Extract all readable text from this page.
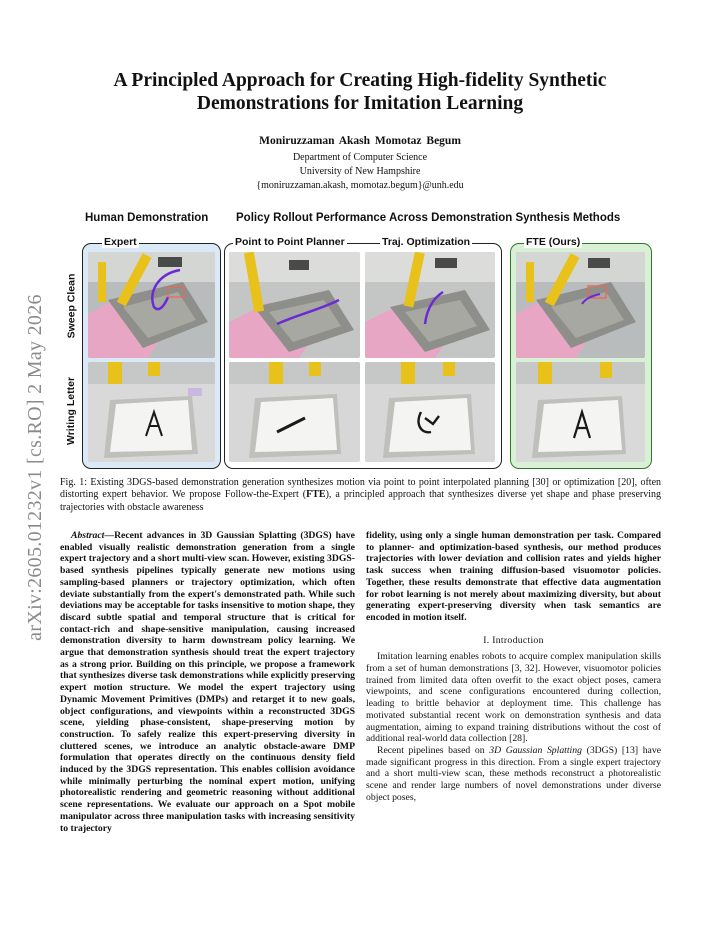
arXiv:2605.01232v1 [cs.RO] 2 May 2026
A Principled Approach for Creating High-fidelity Synthetic Demonstrations for Imitation Learning
Moniruzzaman Akash Momotaz Begum
Department of Computer Science
University of New Hampshire
{moniruzzaman.akash, momotaz.begum}@unh.edu
Human Demonstration Policy Rollout Performance Across Demonstration Synthesis Methods
Expert	Point to Point Planner	Traj. Optimization	FTE (Ours)
Sweep Clean
Writing Letter
Fig. 1: Existing 3DGS-based demonstration generation synthesizes motion via point to point interpolated planning [30] or optimization [20], often distorting expert behavior. We propose Follow-the-Expert (FTE), a principled approach that synthesizes diverse yet shape and phase preserving trajectories with obstacle awareness

Abstract—Recent advances in 3D Gaussian Splatting (3DGS) have enabled visually realistic demonstration generation from a single expert trajectory and a short multi-view scan. However, existing 3DGS-based synthesis pipelines typically generate new motions using sampling-based planners or trajectory optimization, which often deviate substantially from the expert's demonstrated path. While such deviations may be acceptable for tasks insensitive to motion shape, they discard subtle spatial and temporal structure that is critical for contact-rich and shape-sensitive manipulation, causing increased demonstration diversity to harm downstream policy learning. We argue that demonstration synthesis should treat the expert trajectory as a strong prior. Building on this principle, we propose a framework that synthesizes diverse task demonstrations while explicitly preserving expert motion structure. We model the expert trajectory using Dynamic Movement Primitives (DMPs) and retarget it to new goals, object configurations, and viewpoints within a reconstructed 3DGS scene, yielding phase-consistent, shape-preserving motion by construction. To safely realize this expert-preserving diversity in cluttered scenes, we introduce an analytic obstacle-aware DMP formulation that operates directly on the continuous density field induced by the 3DGS representation. This enables collision avoidance while minimally perturbing the nominal expert motion, unifying photorealistic rendering and geometric reasoning without additional scene representations. We evaluate our approach on a Spot mobile manipulator across three manipulation tasks with increasing sensitivity to trajectory

fidelity, using only a single human demonstration per task. Compared to planner- and optimization-based synthesis, our method produces trajectories with lower deviation and collision rates and yields higher task success when training diffusion-based visuomotor policies. Together, these results demonstrate that effective data augmentation for robot learning is not merely about maximizing diversity, but about generating expert-preserving diversity when task semantics are encoded in motion itself.

I. Introduction

Imitation learning enables robots to acquire complex manipulation skills from a set of human demonstrations [3, 32]. However, visuomotor policies trained from limited data often overfit to the exact object poses, camera viewpoints, and scene configurations encountered during collection, leading to brittle behavior at deployment time. This challenge has motivated substantial recent work on demonstration synthesis and data augmentation, aiming to expand training distributions without the cost of additional real-world data collection [28].

Recent pipelines based on 3D Gaussian Splatting (3DGS) [13] have made significant progress in this direction. From a single expert trajectory and a short multi-view scan, these methods reconstruct a photorealistic scene and render large numbers of novel demonstrations under diverse object poses,
